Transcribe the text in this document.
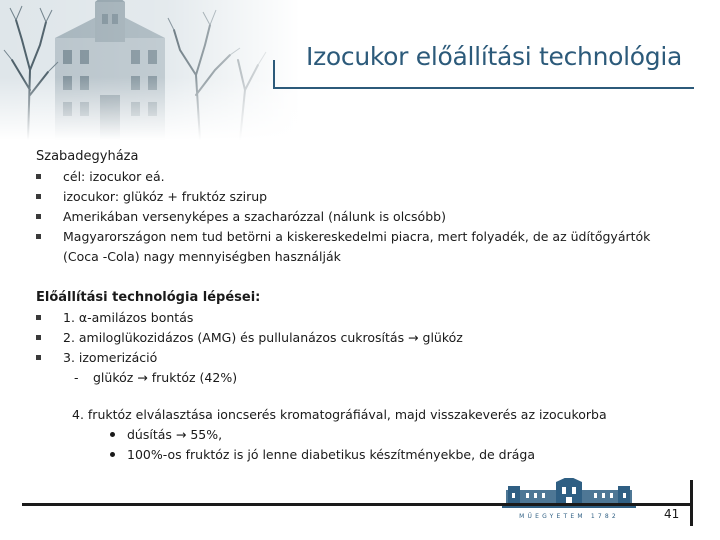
Izocukor előállítási technológia
Szabadegyháza
cél: izocukor eá.
izocukor: glükóz + fruktóz szirup
Amerikában versenyképes a szacharózzal (nálunk is olcsóbb)
Magyarországon nem tud betörni a kiskereskedelmi piacra, mert folyadék, de az üdítőgyártók (Coca -Cola) nagy mennyiségben használják
Előállítási technológia lépései:
1. α-amilázos bontás
2. amiloglükozidázos (AMG) és pullulanázos cukrosítás → glükóz
3. izomerizáció
- glükóz → fruktóz (42%)
4. fruktóz elválasztása ioncserés kromatográfiával, majd visszakeverés az izocukorba
dúsítás → 55%,
100%-os fruktóz is jó lenne diabetikus készítményekbe, de drága
MŰEGYETEM 1782	41
